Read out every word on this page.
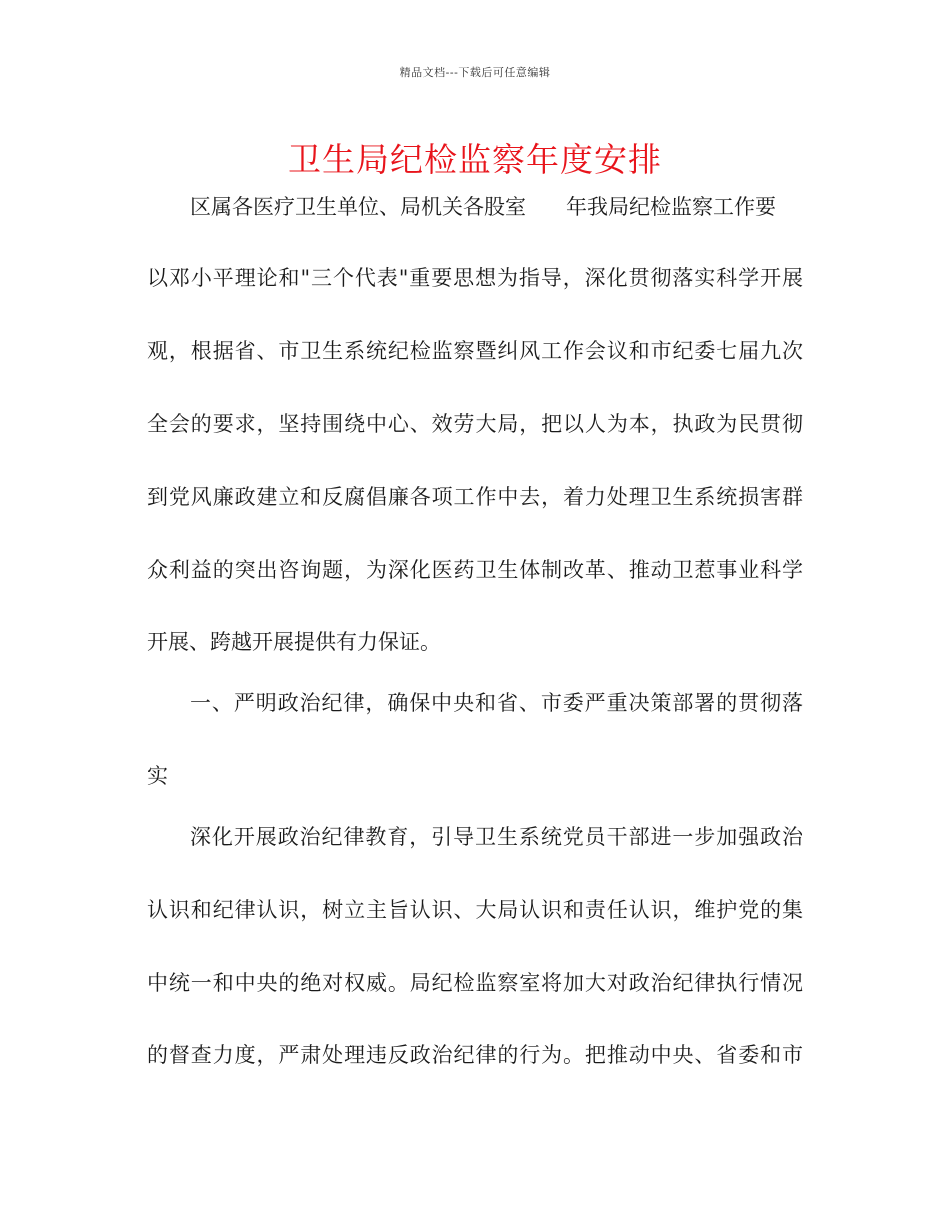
精品文档---下载后可任意编辑
卫生局纪检监察年度安排
区属各医疗卫生单位、局机关各股室 年我局纪检监察工作要
以邓小平理论和"三个代表"重要思想为指导，深化贯彻落实科学开展
观，根据省、市卫生系统纪检监察暨纠风工作会议和市纪委七届九次
全会的要求，坚持围绕中心、效劳大局，把以人为本，执政为民贯彻
到党风廉政建立和反腐倡廉各项工作中去，着力处理卫生系统损害群
众利益的突出咨询题，为深化医药卫生体制改革、推动卫惹事业科学
开展、跨越开展提供有力保证。
一、严明政治纪律，确保中央和省、市委严重决策部署的贯彻落
实
深化开展政治纪律教育，引导卫生系统党员干部进一步加强政治
认识和纪律认识，树立主旨认识、大局认识和责任认识，维护党的集
中统一和中央的绝对权威。局纪检监察室将加大对政治纪律执行情况
的督查力度，严肃处理违反政治纪律的行为。把推动中央、省委和市
